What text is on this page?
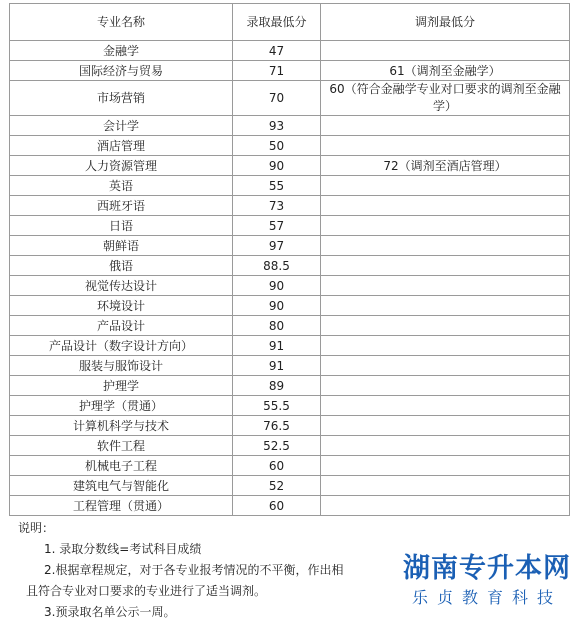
专业名称	录取最低分	调剂最低分
金融学	47	
国际经济与贸易	71	61（调剂至金融学）
市场营销	70	60（符合金融学专业对口要求的调剂至金融学）
会计学	93	
酒店管理	50	
人力资源管理	90	72（调剂至酒店管理）
英语	55	
西班牙语	73	
日语	57	
朝鲜语	97	
俄语	88.5	
视觉传达设计	90	
环境设计	90	
产品设计	80	
产品设计（数字设计方向）	91	
服装与服饰设计	91	
护理学	89	
护理学（贯通）	55.5	
计算机科学与技术	76.5	
软件工程	52.5	
机械电子工程	60	
建筑电气与智能化	52	
工程管理（贯通）	60	

说明：

1. 录取分数线=考试科目成绩

2.根据章程规定，对于各专业报考情况的不平衡，作出相

且符合专业对口要求的专业进行了适当调剂。

3.预录取名单公示一周。

湖南专升本网
乐贞教育科技
